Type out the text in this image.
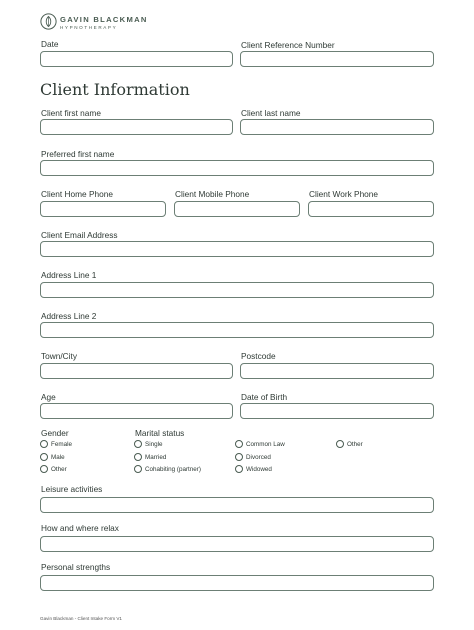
GAVIN BLACKMAN
HYPNOTHERAPY
Date	Client Reference Number
Client Information
Client first name	Client last name
Preferred first name
Client Home Phone	Client Mobile Phone	Client Work Phone
Client Email Address
Address Line 1
Address Line 2
Town/City	Postcode
Age	Date of Birth
Gender
Female
Male
Other
Marital status
Single	Common Law	Other
Married	Divorced
Cohabiting (partner)	Widowed
Leisure activities
How and where relax
Personal strengths
Gavin Blackman - Client Intake Form V1
